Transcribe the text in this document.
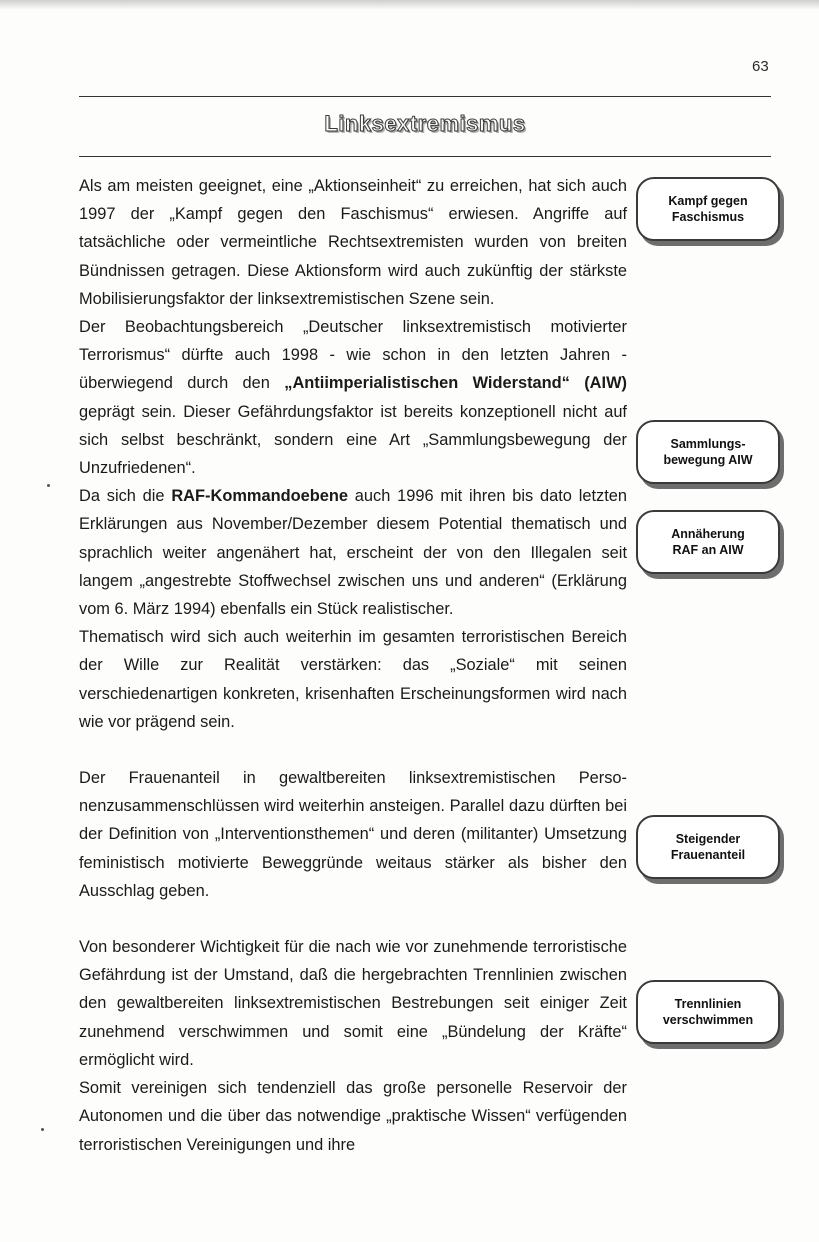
63
Linksextremismus

Als am meisten geeignet, eine „Aktionseinheit“ zu erreichen, hat sich auch 1997 der „Kampf gegen den Faschismus“ erwiesen. Angriffe auf tatsächliche oder vermeintliche Rechtsextremisten wurden von breiten Bündnissen getragen. Diese Aktionsform wird auch zukünftig der stärkste Mobilisierungsfaktor der linksextremistischen Szene sein.

Der Beobachtungsbereich „Deutscher linksextremistisch motivierter Terrorismus“ dürfte auch 1998 - wie schon in den letzten Jahren - überwiegend durch den „Antiimperialistischen Widerstand“ (AIW) geprägt sein. Dieser Gefährdungsfaktor ist bereits konzeptionell nicht auf sich selbst beschränkt, sondern eine Art „Sammlungsbewegung der Unzufriedenen“.

Da sich die RAF-Kommandoebene auch 1996 mit ihren bis dato letzten Erklärungen aus November/Dezember diesem Potential thematisch und sprachlich weiter angenähert hat, erscheint der von den Illegalen seit langem „angestrebte Stoffwechsel zwischen uns und anderen“ (Erklärung vom 6. März 1994) ebenfalls ein Stück realistischer.

Thematisch wird sich auch weiterhin im gesamten terroristischen Bereich der Wille zur Realität verstärken: das „Soziale“ mit seinen verschiedenartigen konkreten, krisenhaften Erscheinungsformen wird nach wie vor prägend sein.

Der Frauenanteil in gewaltbereiten linksextremistischen Personenzusammenschlüssen wird weiterhin ansteigen. Parallel dazu dürften bei der Definition von „Interventionsthemen“ und deren (militanter) Umsetzung feministisch motivierte Beweggründe weitaus stärker als bisher den Ausschlag geben.

Von besonderer Wichtigkeit für die nach wie vor zunehmende terroristische Gefährdung ist der Umstand, daß die hergebrachten Trennlinien zwischen den gewaltbereiten linksextremistischen Bestrebungen seit einiger Zeit zunehmend verschwimmen und somit eine „Bündelung der Kräfte“ ermöglicht wird.

Somit vereinigen sich tendenziell das große personelle Reservoir der Autonomen und die über das notwendige „praktische Wissen“ verfügenden terroristischen Vereinigungen und ihre

Kampf gegen
Faschismus
Sammlungs-
bewegung AIW
Annäherung
RAF an AIW
Steigender
Frauenanteil
Trennlinien
verschwimmen
